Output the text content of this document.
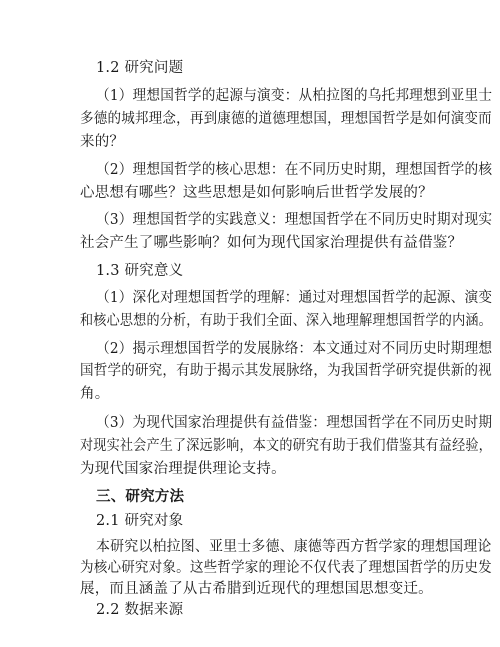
1.2 研究问题
（1）理想国哲学的起源与演变：从柏拉图的乌托邦理想到亚里士
多德的城邦理念，再到康德的道德理想国，理想国哲学是如何演变而
来的？
（2）理想国哲学的核心思想：在不同历史时期，理想国哲学的核
心思想有哪些？这些思想是如何影响后世哲学发展的？
（3）理想国哲学的实践意义：理想国哲学在不同历史时期对现实
社会产生了哪些影响？如何为现代国家治理提供有益借鉴？
1.3 研究意义
（1）深化对理想国哲学的理解：通过对理想国哲学的起源、演变
和核心思想的分析，有助于我们全面、深入地理解理想国哲学的内涵。
（2）揭示理想国哲学的发展脉络：本文通过对不同历史时期理想
国哲学的研究，有助于揭示其发展脉络，为我国哲学研究提供新的视
角。
（3）为现代国家治理提供有益借鉴：理想国哲学在不同历史时期
对现实社会产生了深远影响，本文的研究有助于我们借鉴其有益经验，
为现代国家治理提供理论支持。
三、研究方法
2.1 研究对象
本研究以柏拉图、亚里士多德、康德等西方哲学家的理想国理论
为核心研究对象。这些哲学家的理论不仅代表了理想国哲学的历史发
展，而且涵盖了从古希腊到近现代的理想国思想变迁。
2.2 数据来源
